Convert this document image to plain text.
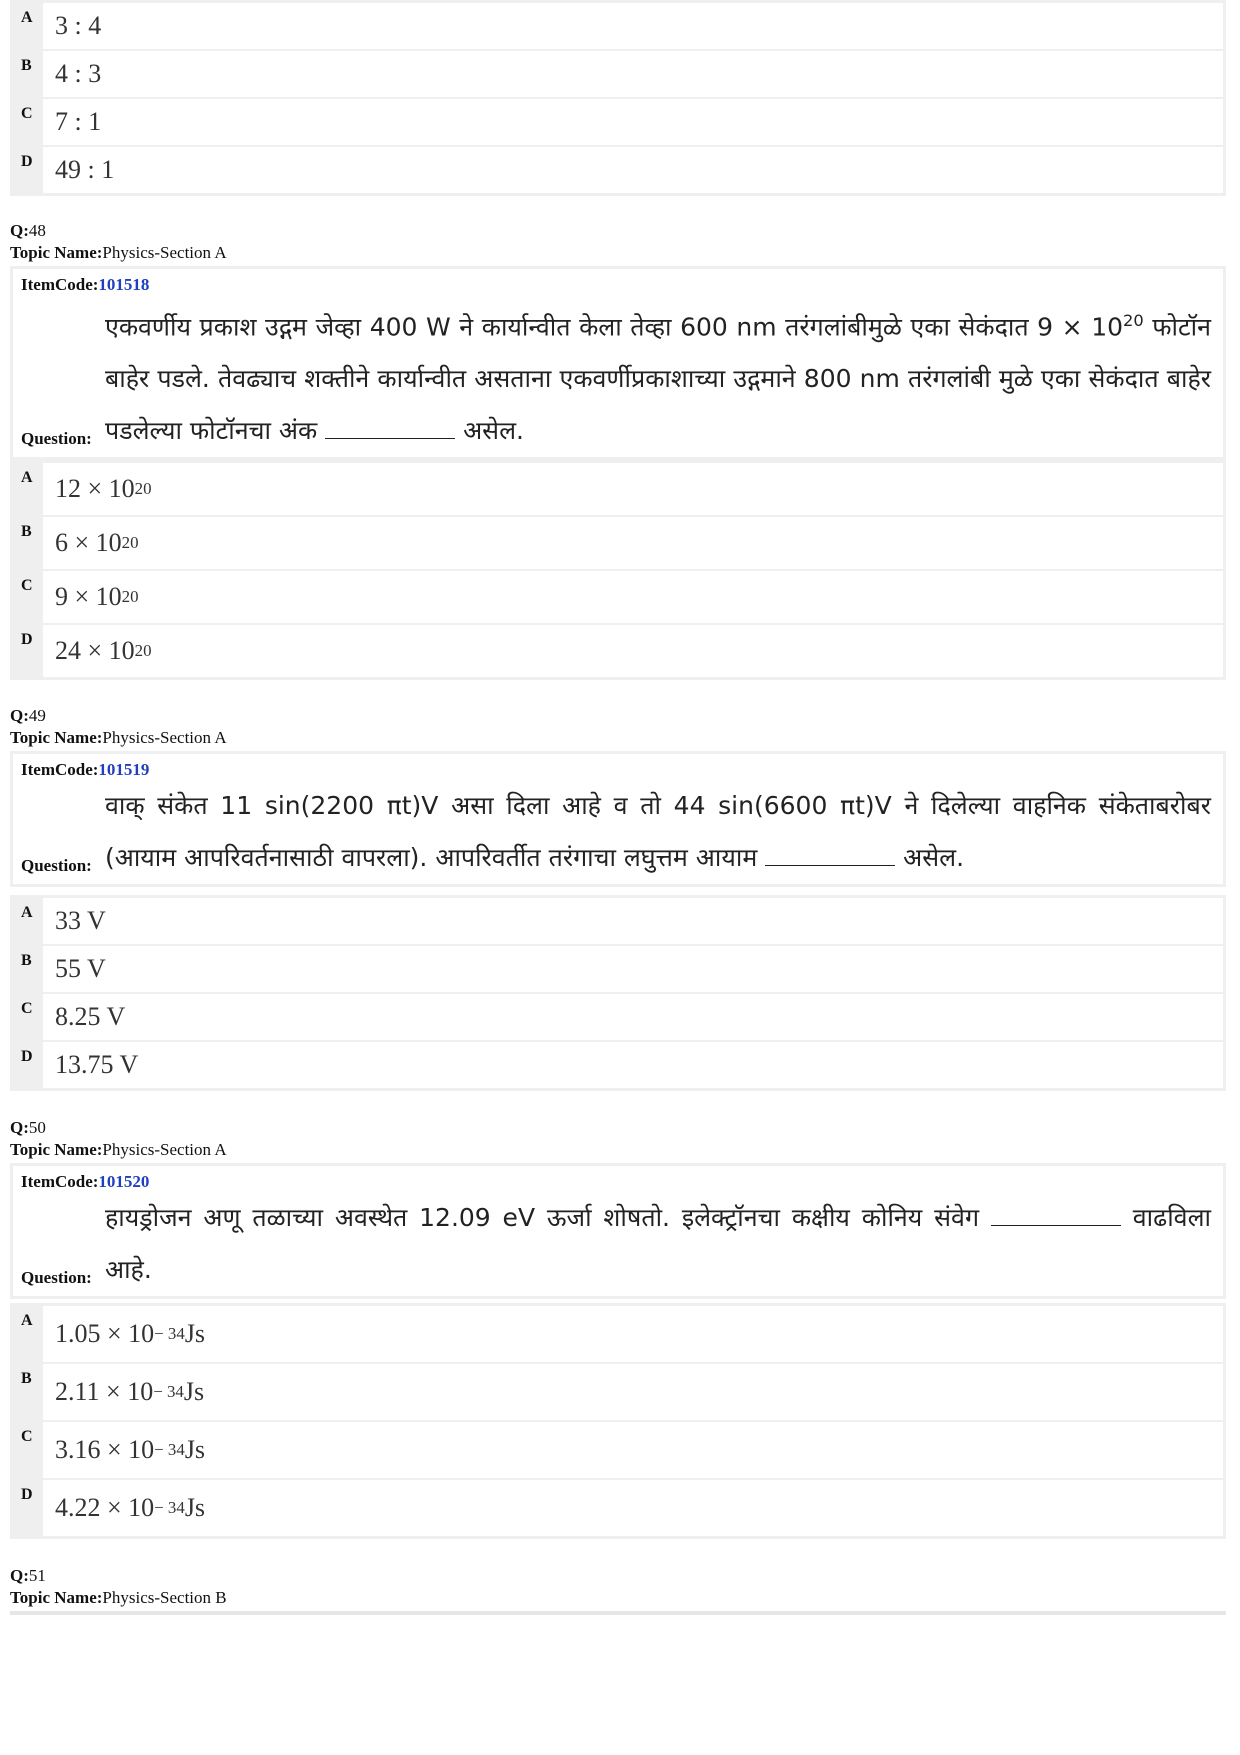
A 3 : 4
B 4 : 3
C 7 : 1
D 49 : 1
Q:48
Topic Name:Physics-Section A
ItemCode:101518
Question:
एकवर्णीय प्रकाश उद्गम जेव्हा 400 W ने कार्यान्वीत केला तेव्हा 600 nm तरंगलांबीमुळे एका सेकंदात $9 \times 10^{20}$ फोटॉन बाहेर पडले. तेवढ्याच शक्तीने कार्यान्वीत असताना एकवर्णीप्रकाशाच्या उद्गमाने 800 nm तरंगलांबी मुळे एका सेकंदात बाहेर पडलेल्या फोटॉनचा अंक	असेल.
A 12 × 10 20
B 6 × 10 20
C 9 × 10 20
D 24 × 10 20
Q:49
Topic Name:Physics-Section A
ItemCode:101519
Question:
वाक् संकेत 11 sin(2200 πt)V असा दिला आहे व तो 44 sin(6600 πt)V ने दिलेल्या वाहनिक संकेताबरोबर (आयाम आपरिवर्तनासाठी वापरला). आपरिवर्तीत तरंगाचा लघुत्तम आयाम	असेल.
A 33 V
B 55 V
C 8.25 V
D 13.75 V
Q:50
Topic Name:Physics-Section A
ItemCode:101520
Question:
हायड्रोजन अणू तळाच्या अवस्थेत 12.09 eV ऊर्जा शोषतो. इलेक्ट्रॉनचा कक्षीय कोनिय संवेग	वाढविला आहे.
A 1.05 × 10 − 34 Js
B 2.11 × 10 − 34 Js
C 3.16 × 10 − 34 Js
D 4.22 × 10 − 34 Js
Q:51
Topic Name:Physics-Section B
